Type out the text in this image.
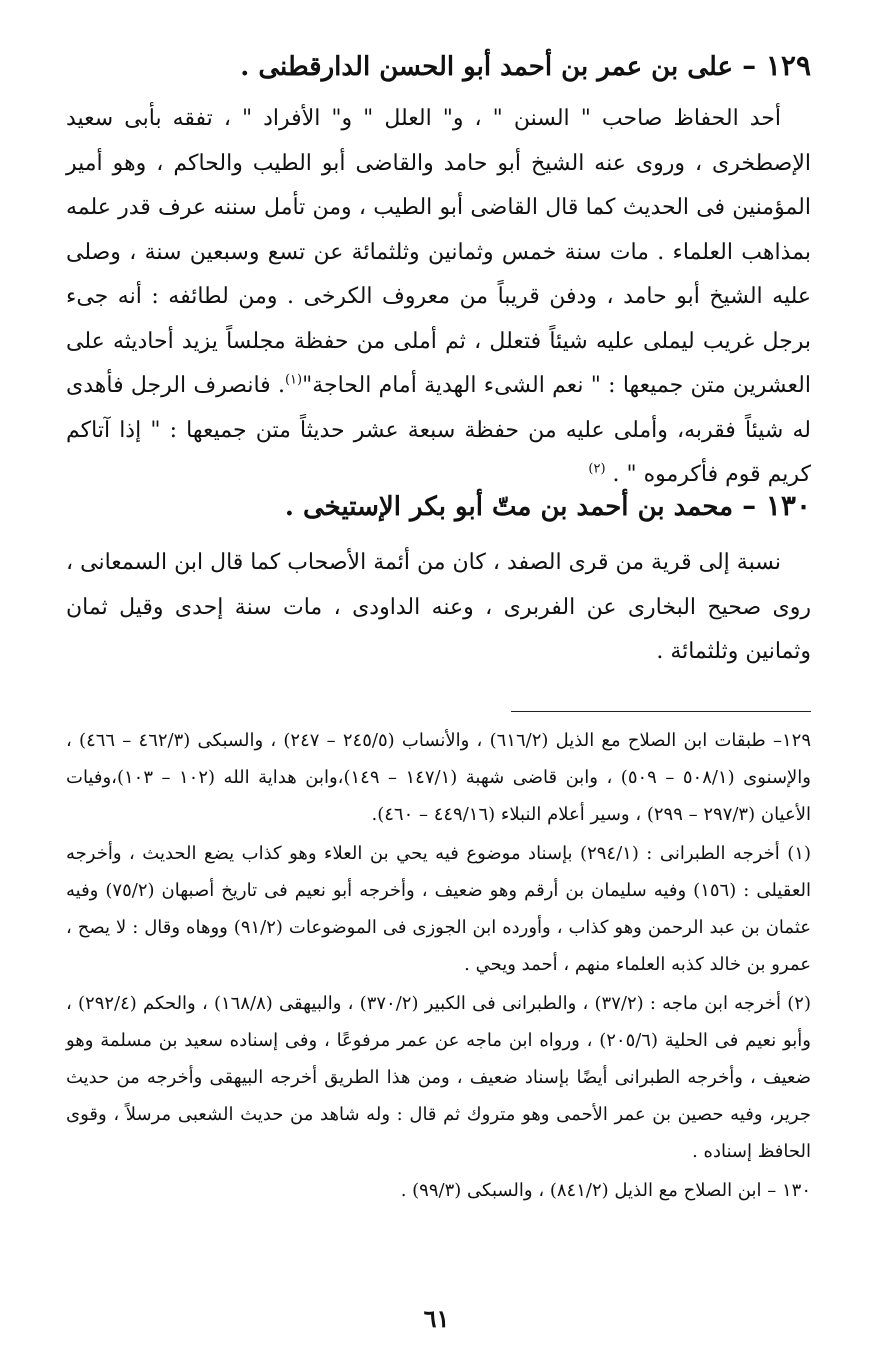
١٢٩ – على بن عمر بن أحمد أبو الحسن الدارقطنى .

أحد الحفاظ صاحب " السنن " ، و" العلل " و" الأفراد " ، تفقه بأبى سعيد الإصطخرى ، وروى عنه الشيخ أبو حامد والقاضى أبو الطيب والحاكم ، وهو أمير المؤمنين فى الحديث كما قال القاضى أبو الطيب ، ومن تأمل سننه عرف قدر علمه بمذاهب العلماء . مات سنة خمس وثمانين وثلثمائة عن تسع وسبعين سنة ، وصلى عليه الشيخ أبو حامد ، ودفن قريباً من معروف الكرخى . ومن لطائفه : أنه جىء برجل غريب ليملى عليه شيئاً فتعلل ، ثم أملى من حفظة مجلساً يزيد أحاديثه على العشرين متن جميعها : " نعم الشىء الهدية أمام الحاجة"$^{(١)}$. فانصرف الرجل فأهدى له شيئاً فقربه، وأملى عليه من حفظة سبعة عشر حديثاً متن جميعها : " إذا آتاكم كريم قوم فأكرموه " . $^{(٢)}$

١٣٠ – محمد بن أحمد بن متّ أبو بكر الإستيخى .

نسبة إلى قرية من قرى الصفد ، كان من أئمة الأصحاب كما قال ابن السمعانى ، روى صحيح البخارى عن الفربرى ، وعنه الداودى ، مات سنة إحدى وقيل ثمان وثمانين وثلثمائة .

١٢٩– طبقات ابن الصلاح مع الذيل (٦١٦/٢) ، والأنساب (٢٤٥/٥ – ٢٤٧) ، والسبكى (٤٦٢/٣ – ٤٦٦) ، والإسنوى (٥٠٨/١ – ٥٠٩) ، وابن قاضى شهبة (١٤٧/١ – ١٤٩)،وابن هداية الله (١٠٢ – ١٠٣)،وفيات الأعيان (٢٩٧/٣ – ٢٩٩) ، وسير أعلام النبلاء (٤٤٩/١٦ – ٤٦٠).

(١) أخرجه الطبرانى : (٢٩٤/١) بإسناد موضوع فيه يحي بن العلاء وهو كذاب يضع الحديث ، وأخرجه العقيلى : (١٥٦) وفيه سليمان بن أرقم وهو ضعيف ، وأخرجه أبو نعيم فى تاريخ أصبهان (٧٥/٢) وفيه عثمان بن عبد الرحمن وهو كذاب ، وأورده ابن الجوزى فى الموضوعات (٩١/٢) ووهاه وقال : لا يصح ، عمرو بن خالد كذبه العلماء منهم ، أحمد ويحي .

(٢) أخرجه ابن ماجه : (٣٧/٢) ، والطبرانى فى الكبير (٣٧٠/٢) ، والبيهقى (١٦٨/٨) ، والحكم (٢٩٢/٤) ، وأبو نعيم فى الحلية (٢٠٥/٦) ، ورواه ابن ماجه عن عمر مرفوعًا ، وفى إسناده سعيد بن مسلمة وهو ضعيف ، وأخرجه الطبرانى أيضًا بإسناد ضعيف ، ومن هذا الطريق أخرجه البيهقى وأخرجه من حديث جرير، وفيه حصين بن عمر الأحمى وهو متروك ثم قال : وله شاهد من حديث الشعبى مرسلاً ، وقوى الحافظ إسناده .

١٣٠ – ابن الصلاح مع الذيل (٨٤١/٢) ، والسبكى (٩٩/٣) .

٦١
